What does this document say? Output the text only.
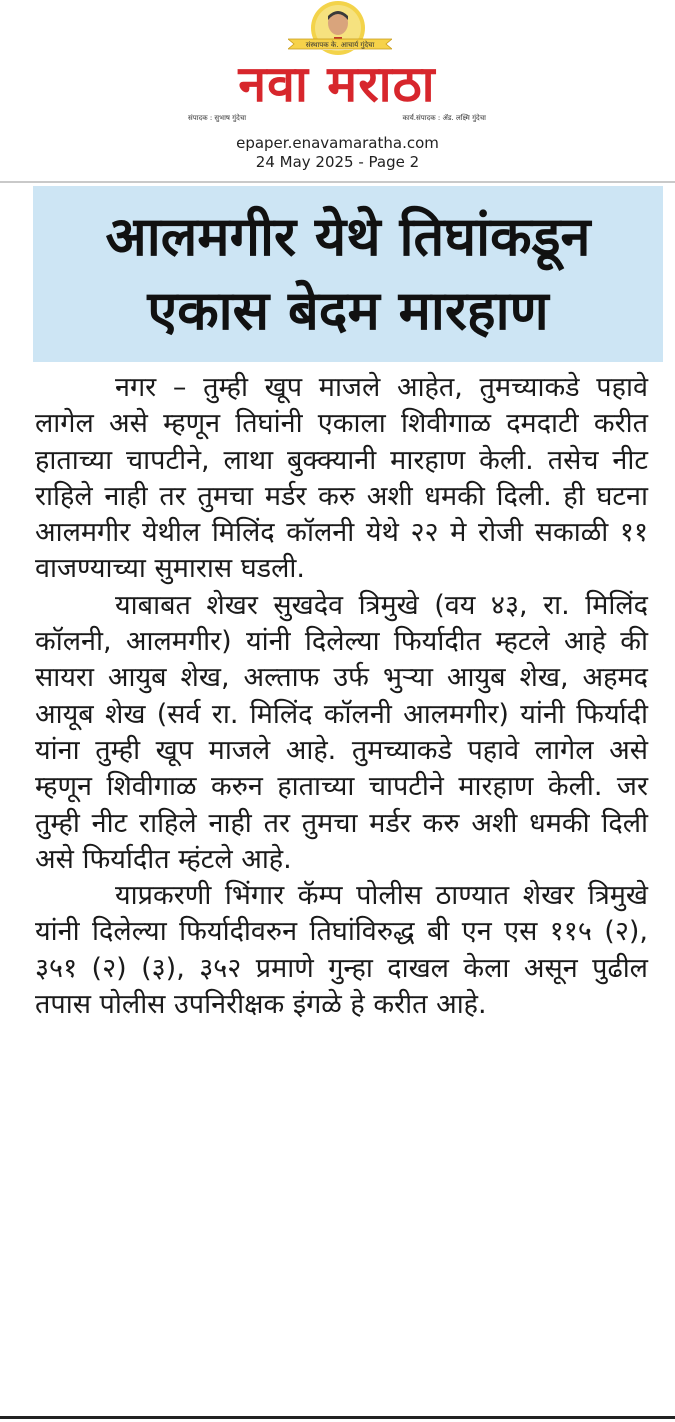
संस्थापक के. आचार्य गुंदेचा
नवा मराठा
संपादक : सुभाष गुंदेचा	कार्य.संपादक : ॲड. लक्ष्मि गुंदेचा
epaper.enavamaratha.com
24 May 2025 - Page 2
आलमगीर येथे तिघांकडून
एकास बेदम मारहाण

नगर – तुम्ही खूप माजले आहेत, तुमच्याकडे पहावे लागेल असे म्हणून तिघांनी एकाला शिवीगाळ दमदाटी करीत हाताच्या चापटीने, लाथा बुक्क्यानी मारहाण केली. तसेच नीट राहिले नाही तर तुमचा मर्डर करु अशी धमकी दिली. ही घटना आलमगीर येथील मिलिंद कॉलनी येथे २२ मे रोजी सकाळी ११ वाजण्याच्या सुमारास घडली.

याबाबत शेखर सुखदेव त्रिमुखे (वय ४३, रा. मिलिंद कॉलनी, आलमगीर) यांनी दिलेल्या फिर्यादीत म्हटले आहे की सायरा आयुब शेख, अल्ताफ उर्फ भुऱ्या आयुब शेख, अहमद आयूब शेख (सर्व रा. मिलिंद कॉलनी आलमगीर) यांनी फिर्यादी यांना तुम्ही खूप माजले आहे. तुमच्याकडे पहावे लागेल असे म्हणून शिवीगाळ करुन हाताच्या चापटीने मारहाण केली. जर तुम्ही नीट राहिले नाही तर तुमचा मर्डर करु अशी धमकी दिली असे फिर्यादीत म्हंटले आहे.

याप्रकरणी भिंगार कॅम्प पोलीस ठाण्यात शेखर त्रिमुखे यांनी दिलेल्या फिर्यादीवरुन तिघांविरुद्ध बी एन एस ११५ (२), ३५१ (२) (३), ३५२ प्रमाणे गुन्हा दाखल केला असून पुढील तपास पोलीस उपनिरीक्षक इंगळे हे करीत आहे.
